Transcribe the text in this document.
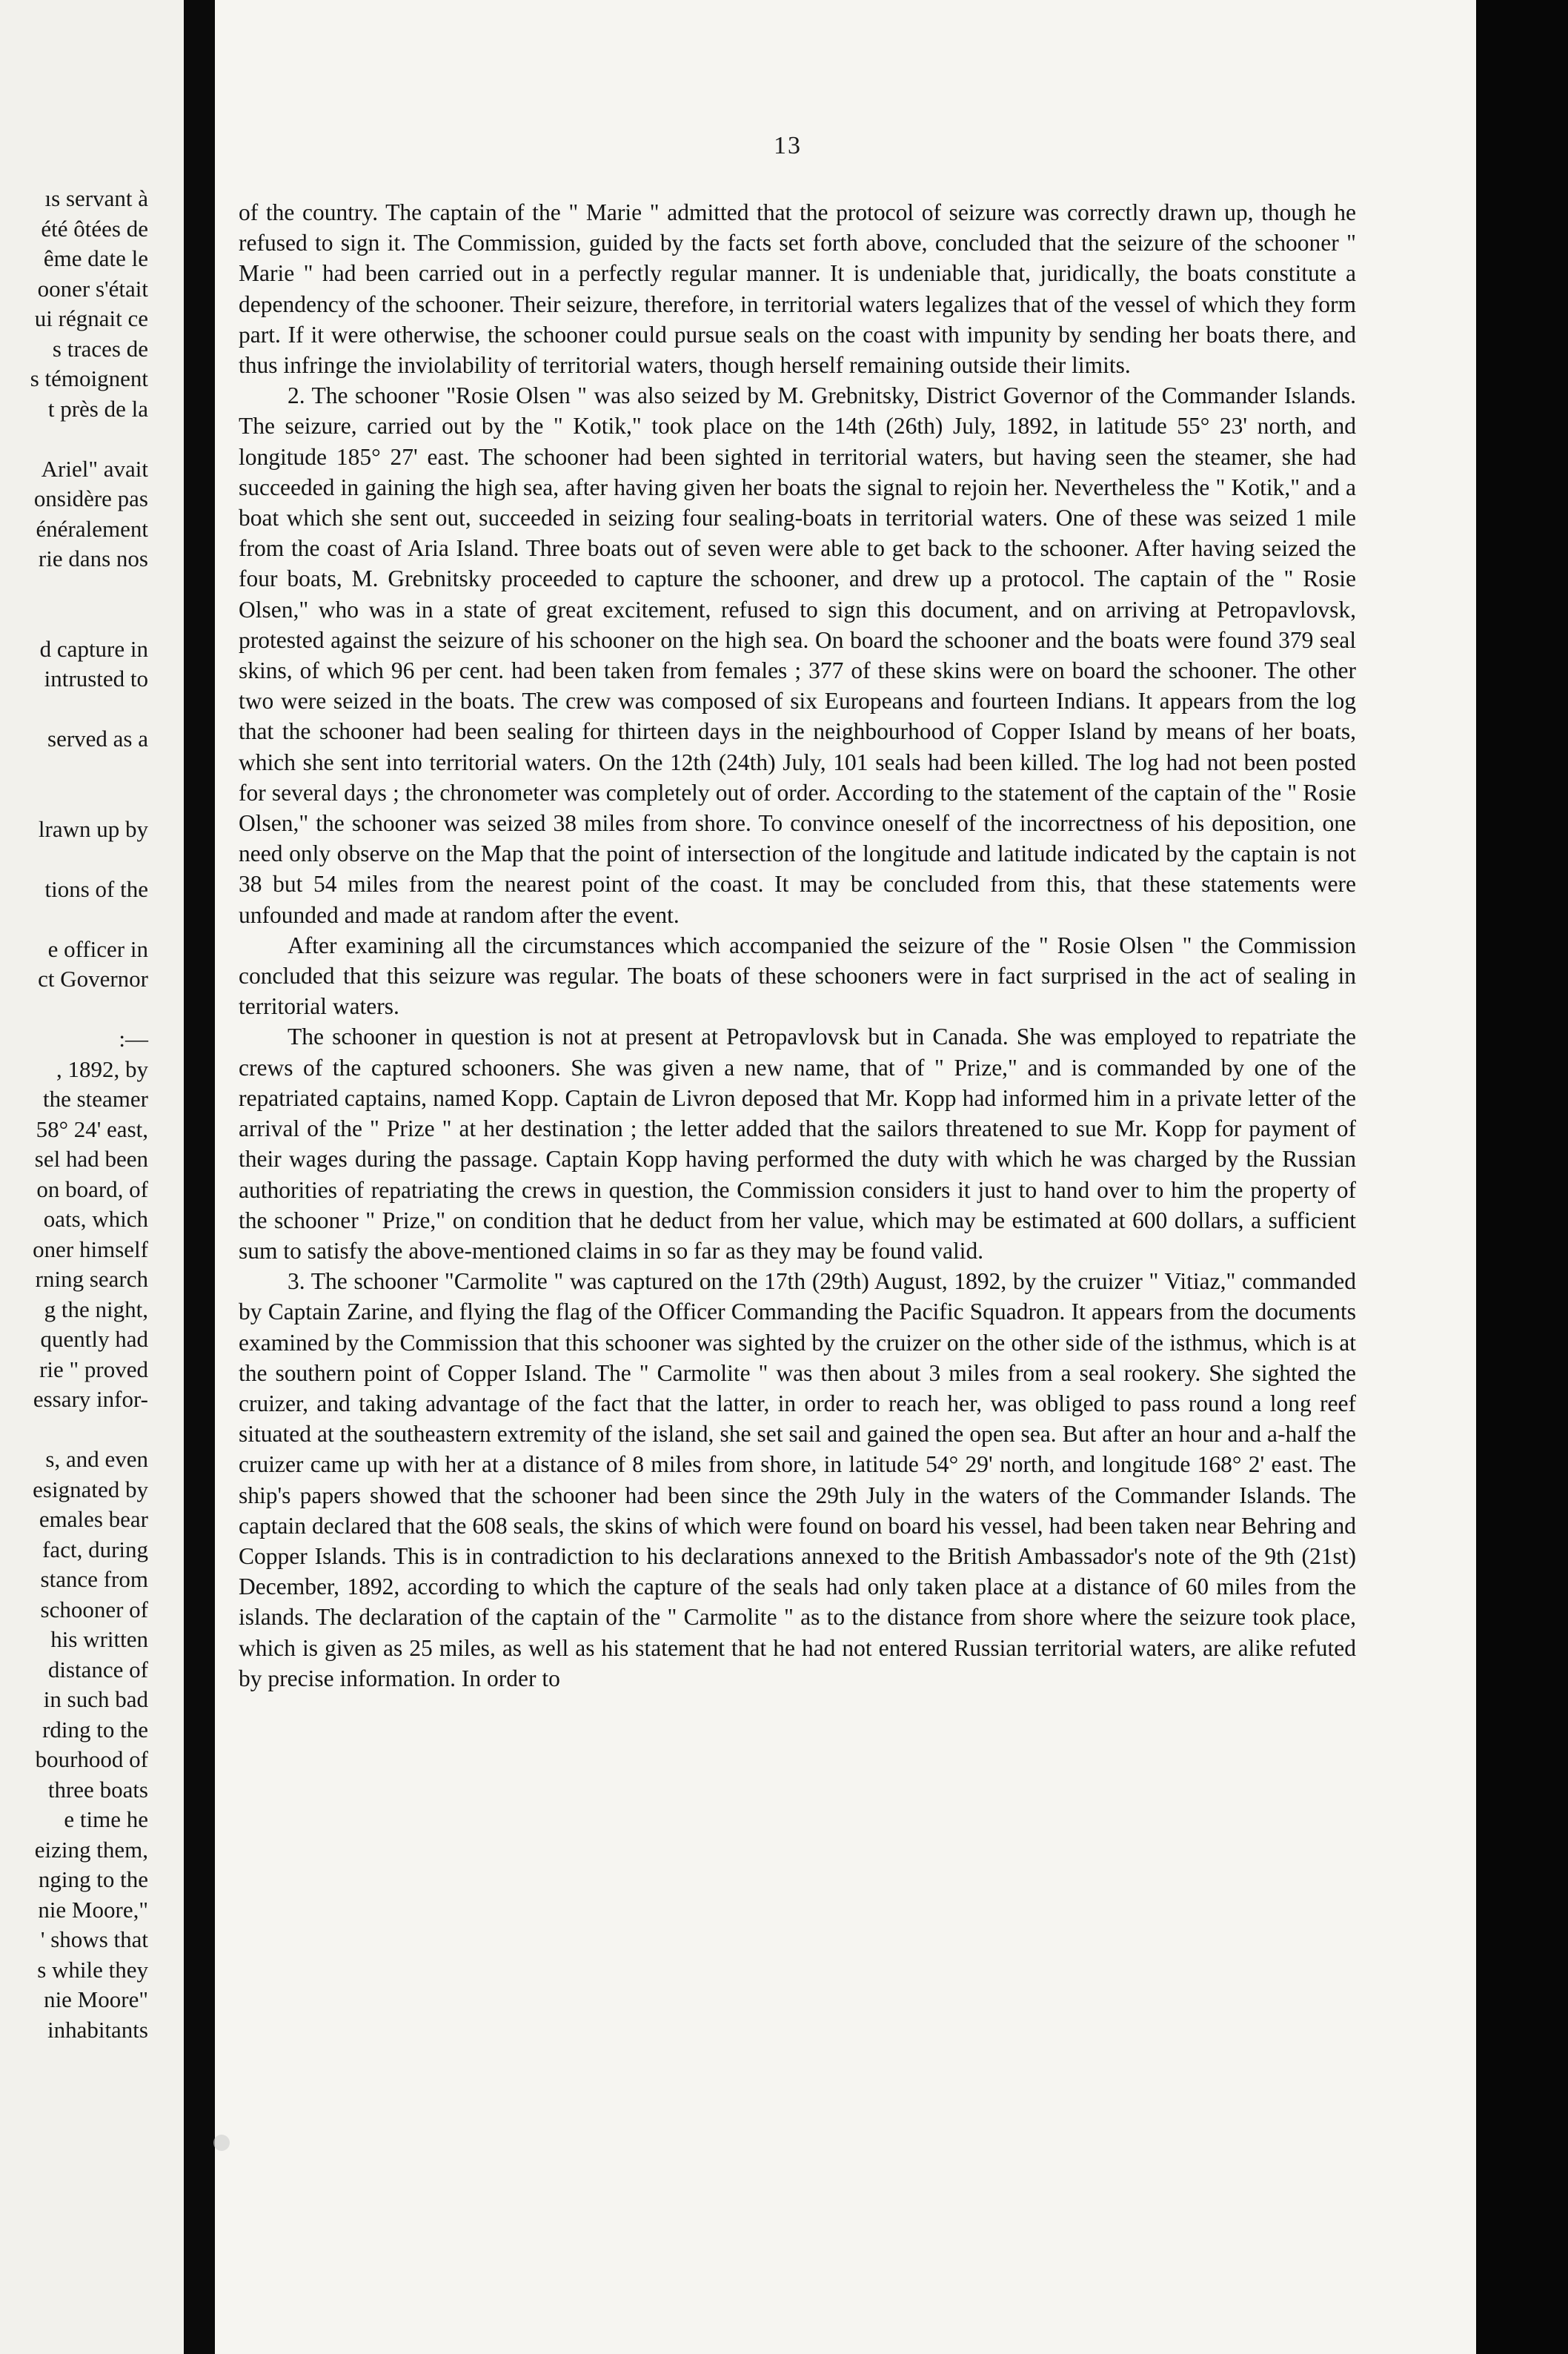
ıs servant à
été ôtées de
ême date le
ooner s'était
ui régnait ce
s traces de
s témoignent
t près de la

Ariel" avait
onsidère pas
énéralement
rie dans nos

d capture in
intrusted to

served as a

lrawn up by

tions of the

e officer in
ct Governor

:—
, 1892, by
the steamer
58° 24' east,
sel had been
on board, of
oats, which
oner himself
rning search
g the night,
quently had
rie " proved
essary infor-

s, and even
esignated by
emales bear
fact, during
stance from
schooner of
his written
distance of
in such bad
rding to the
bourhood of
three boats
e time he
eizing them,
nging to the
nie Moore,"
' shows that
s while they
nie Moore"
inhabitants
13

of the country. The captain of the " Marie " admitted that the protocol of seizure was correctly drawn up, though he refused to sign it. The Commission, guided by the facts set forth above, concluded that the seizure of the schooner " Marie " had been carried out in a perfectly regular manner. It is undeniable that, juridically, the boats constitute a dependency of the schooner. Their seizure, therefore, in territorial waters legalizes that of the vessel of which they form part. If it were otherwise, the schooner could pursue seals on the coast with impunity by sending her boats there, and thus infringe the inviolability of territorial waters, though herself remaining outside their limits.

2. The schooner "Rosie Olsen " was also seized by M. Grebnitsky, District Governor of the Commander Islands. The seizure, carried out by the " Kotik," took place on the 14th (26th) July, 1892, in latitude 55° 23' north, and longitude 185° 27' east. The schooner had been sighted in territorial waters, but having seen the steamer, she had succeeded in gaining the high sea, after having given her boats the signal to rejoin her. Nevertheless the " Kotik," and a boat which she sent out, succeeded in seizing four sealing-boats in territorial waters. One of these was seized 1 mile from the coast of Aria Island. Three boats out of seven were able to get back to the schooner. After having seized the four boats, M. Grebnitsky proceeded to capture the schooner, and drew up a protocol. The captain of the " Rosie Olsen," who was in a state of great excitement, refused to sign this document, and on arriving at Petropavlovsk, protested against the seizure of his schooner on the high sea. On board the schooner and the boats were found 379 seal skins, of which 96 per cent. had been taken from females ; 377 of these skins were on board the schooner. The other two were seized in the boats. The crew was composed of six Europeans and fourteen Indians. It appears from the log that the schooner had been sealing for thirteen days in the neighbourhood of Copper Island by means of her boats, which she sent into territorial waters. On the 12th (24th) July, 101 seals had been killed. The log had not been posted for several days ; the chronometer was completely out of order. According to the statement of the captain of the " Rosie Olsen," the schooner was seized 38 miles from shore. To convince oneself of the incorrectness of his deposition, one need only observe on the Map that the point of intersection of the longitude and latitude indicated by the captain is not 38 but 54 miles from the nearest point of the coast. It may be concluded from this, that these statements were unfounded and made at random after the event.

After examining all the circumstances which accompanied the seizure of the " Rosie Olsen " the Commission concluded that this seizure was regular. The boats of these schooners were in fact surprised in the act of sealing in territorial waters.

The schooner in question is not at present at Petropavlovsk but in Canada. She was employed to repatriate the crews of the captured schooners. She was given a new name, that of " Prize," and is commanded by one of the repatriated captains, named Kopp. Captain de Livron deposed that Mr. Kopp had informed him in a private letter of the arrival of the " Prize " at her destination ; the letter added that the sailors threatened to sue Mr. Kopp for payment of their wages during the passage. Captain Kopp having performed the duty with which he was charged by the Russian authorities of repatriating the crews in question, the Commission considers it just to hand over to him the property of the schooner " Prize," on condition that he deduct from her value, which may be estimated at 600 dollars, a sufficient sum to satisfy the above-mentioned claims in so far as they may be found valid.

3. The schooner "Carmolite " was captured on the 17th (29th) August, 1892, by the cruizer " Vitiaz," commanded by Captain Zarine, and flying the flag of the Officer Commanding the Pacific Squadron. It appears from the documents examined by the Commission that this schooner was sighted by the cruizer on the other side of the isthmus, which is at the southern point of Copper Island. The " Carmolite " was then about 3 miles from a seal rookery. She sighted the cruizer, and taking advantage of the fact that the latter, in order to reach her, was obliged to pass round a long reef situated at the southeastern extremity of the island, she set sail and gained the open sea. But after an hour and a-half the cruizer came up with her at a distance of 8 miles from shore, in latitude 54° 29' north, and longitude 168° 2' east. The ship's papers showed that the schooner had been since the 29th July in the waters of the Commander Islands. The captain declared that the 608 seals, the skins of which were found on board his vessel, had been taken near Behring and Copper Islands. This is in contradiction to his declarations annexed to the British Ambassador's note of the 9th (21st) December, 1892, according to which the capture of the seals had only taken place at a distance of 60 miles from the islands. The declaration of the captain of the " Carmolite " as to the distance from shore where the seizure took place, which is given as 25 miles, as well as his statement that he had not entered Russian territorial waters, are alike refuted by precise information. In order to
